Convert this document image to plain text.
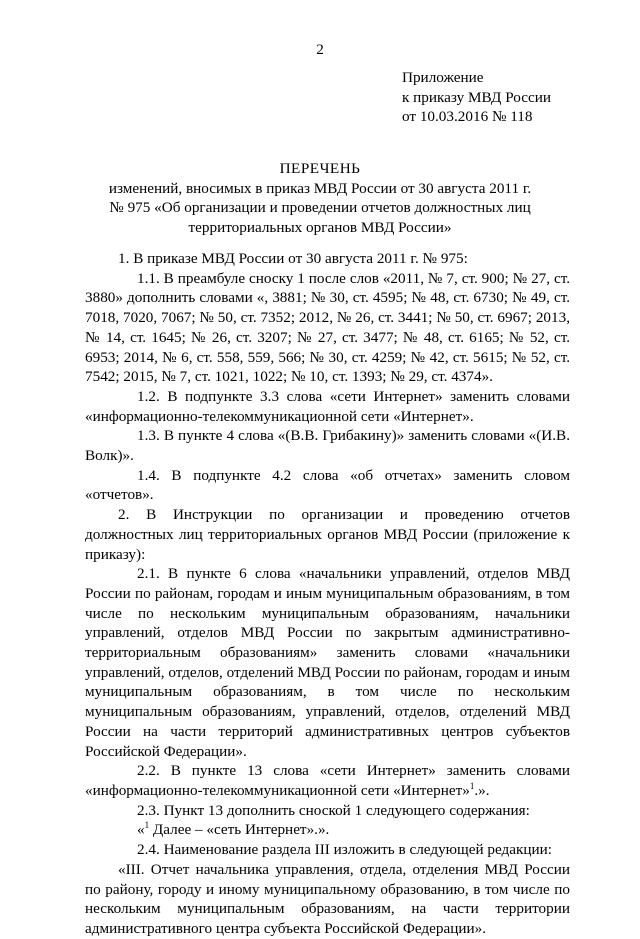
2
Приложение
к приказу МВД России
от 10.03.2016 № 118
ПЕРЕЧЕНЬ
изменений, вносимых в приказ МВД России от 30 августа 2011 г.
№ 975 «Об организации и проведении отчетов должностных лиц
территориальных органов МВД России»

1. В приказе МВД России от 30 августа 2011 г. № 975:

1.1. В преамбуле сноску 1 после слов «2011, № 7, ст. 900; № 27, ст. 3880» дополнить словами «, 3881; № 30, ст. 4595; № 48, ст. 6730; № 49, ст. 7018, 7020, 7067; № 50, ст. 7352; 2012, № 26, ст. 3441; № 50, ст. 6967; 2013, № 14, ст. 1645; № 26, ст. 3207; № 27, ст. 3477; № 48, ст. 6165; № 52, ст. 6953; 2014, № 6, ст. 558, 559, 566; № 30, ст. 4259; № 42, ст. 5615; № 52, ст. 7542; 2015, № 7, ст. 1021, 1022; № 10, ст. 1393; № 29, ст. 4374».

1.2. В подпункте 3.3 слова «сети Интернет» заменить словами «информационно-телекоммуникационной сети «Интернет».

1.3. В пункте 4 слова «(В.В. Грибакину)» заменить словами «(И.В. Волк)».

1.4. В подпункте 4.2 слова «об отчетах» заменить словом «отчетов».

2. В Инструкции по организации и проведению отчетов должностных лиц территориальных органов МВД России (приложение к приказу):

2.1. В пункте 6 слова «начальники управлений, отделов МВД России по районам, городам и иным муниципальным образованиям, в том числе по нескольким муниципальным образованиям, начальники управлений, отделов МВД России по закрытым административно-территориальным образованиям» заменить словами «начальники управлений, отделов, отделений МВД России по районам, городам и иным муниципальным образованиям, в том числе по нескольким муниципальным образованиям, управлений, отделов, отделений МВД России на части территорий административных центров субъектов Российской Федерации».

2.2. В пункте 13 слова «сети Интернет» заменить словами «информационно-телекоммуникационной сети «Интернет»$^1$.».

2.3. Пункт 13 дополнить сноской 1 следующего содержания:

«$^1$ Далее – «сеть Интернет».».

2.4. Наименование раздела III изложить в следующей редакции:

«III. Отчет начальника управления, отдела, отделения МВД России по району, городу и иному муниципальному образованию, в том числе по нескольким муниципальным образованиям, на части территории административного центра субъекта Российской Федерации».
